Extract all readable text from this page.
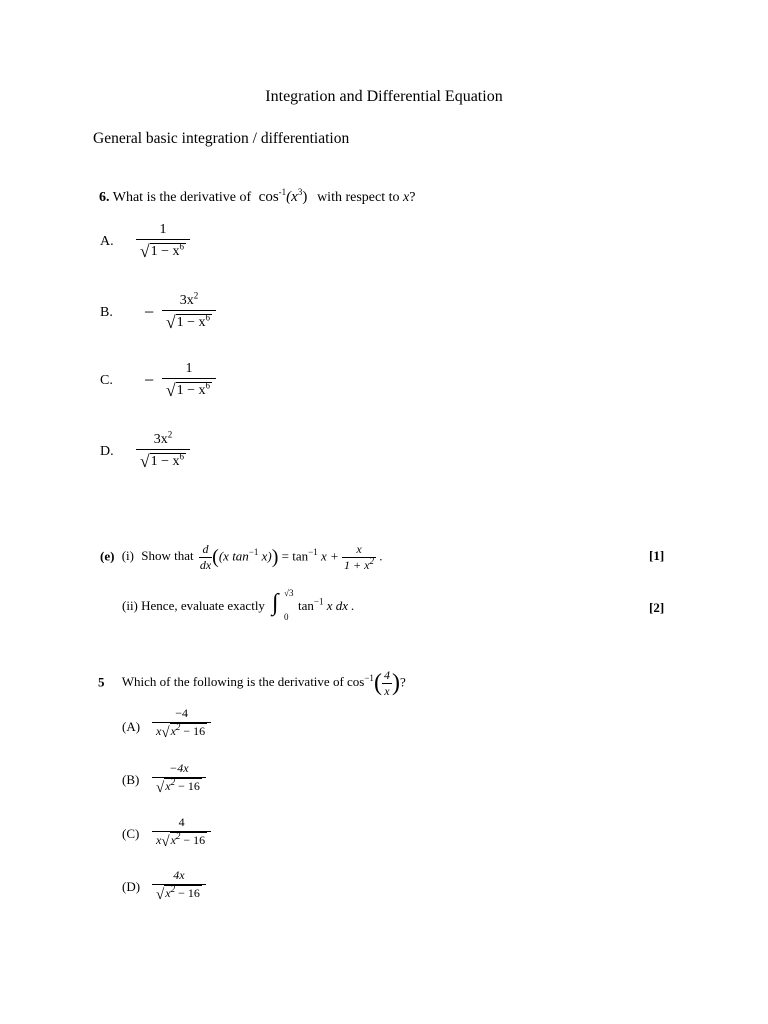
Integration and Differential Equation
General basic integration / differentiation
6. What is the derivative of $\cos^{-1}(x^3)$ with respect to x?
A. $\frac{1}{√1 - x^6}$
B. − $\frac{3x^2}{√1 - x^6}$
C. − $\frac{1}{√1 - x^6}$
D. $\frac{3x^2}{√1 - x^6}$
(e) (i) Show that $\frac{d}{dx} ((x$ $\tan^{-1} x)) = \tan^{-1} x + \frac{x}{1 + x^2}$ .	[1]
(ii) Hence, evaluate exactly ∫ √3
0
$\tan^{-1} x$ dx .	[2]
5 Which of the following is the derivative of $\cos^{-1}( \frac{4}{x}$ )?
$(A) \frac{-4}{x√x^2 - 16}$
$(B) \frac{-4x}{√x^2 - 16}$
$(C) \frac{4}{x√x^2 - 16}$
$(D) \frac{4x}{√x^2 - 16}$
